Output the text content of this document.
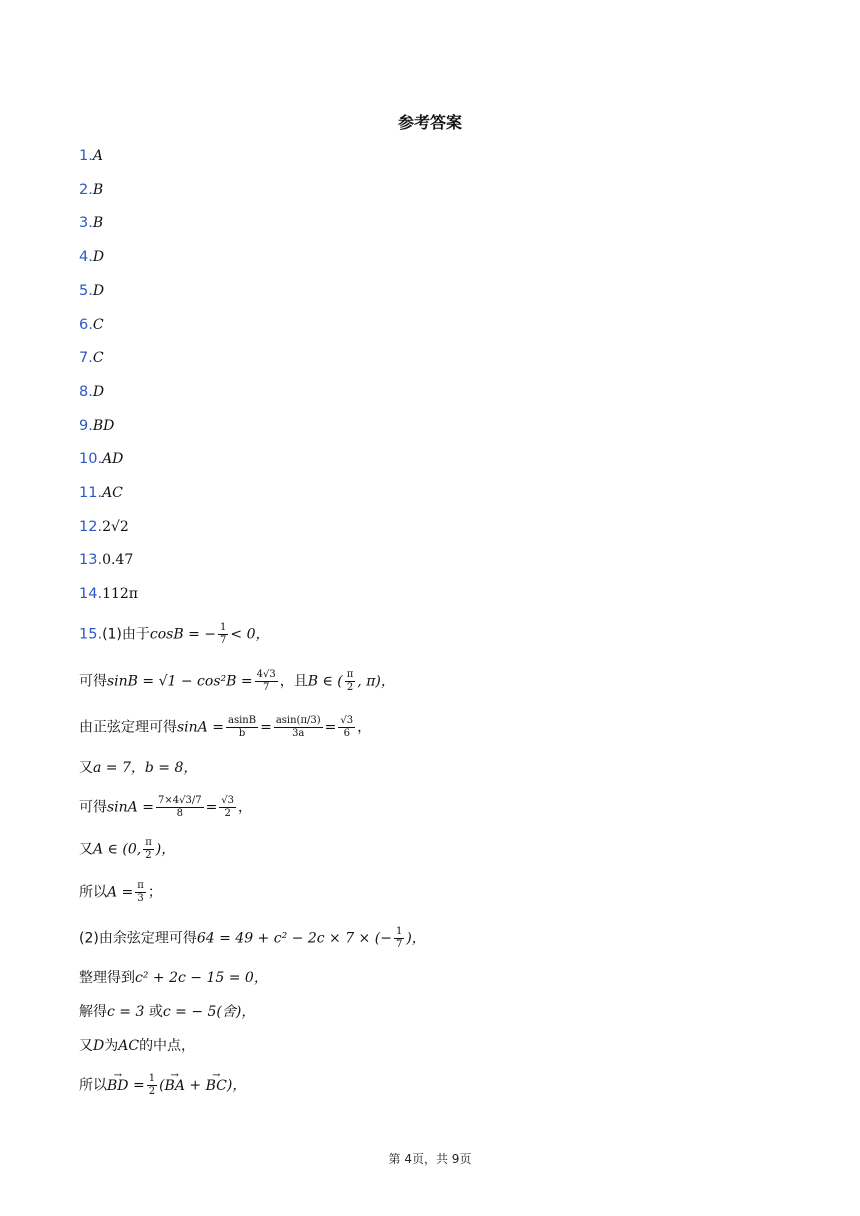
参考答案
1.A
2.B
3.B
4.D
5.D
6.C
7.C
8.D
9.BD
10.AD
11.AC
12.2√2
13.0.47
14.112π
15.(1)由于cosB = − $\frac{1}{7} < 0$，
可得$\sin B = √1 - \cos^2B = \frac{4√3}{7}$ ，且B ∈ ( $\frac{\pi}{2}$ , π)，
由正弦定理可得$\sin A = \frac{asinB}{b} = \frac{asin(\pi/3)}{3a} = \frac{√3}{6}$ ，
又a = 7，b = 8，
可得$\sin A = \frac{7\times 4√3/7}{8} = \frac{√3}{2}$ ，
又A ∈ (0, $\frac{\pi}{2}$ )，
所以$A = \frac{\pi}{3}$ ；
(2)由余弦定理可得64 = 49 + c² − 2c × 7 × (− $\frac{1}{7}$ )，
整理得到c² + 2c − 15 = 0，
解得c = 3 或c = − 5(舍)，
又D为AC的中点，
所以→ BD = $\frac{1}{2}$ (→ BA + → BC)，
第 4页，共 9页
